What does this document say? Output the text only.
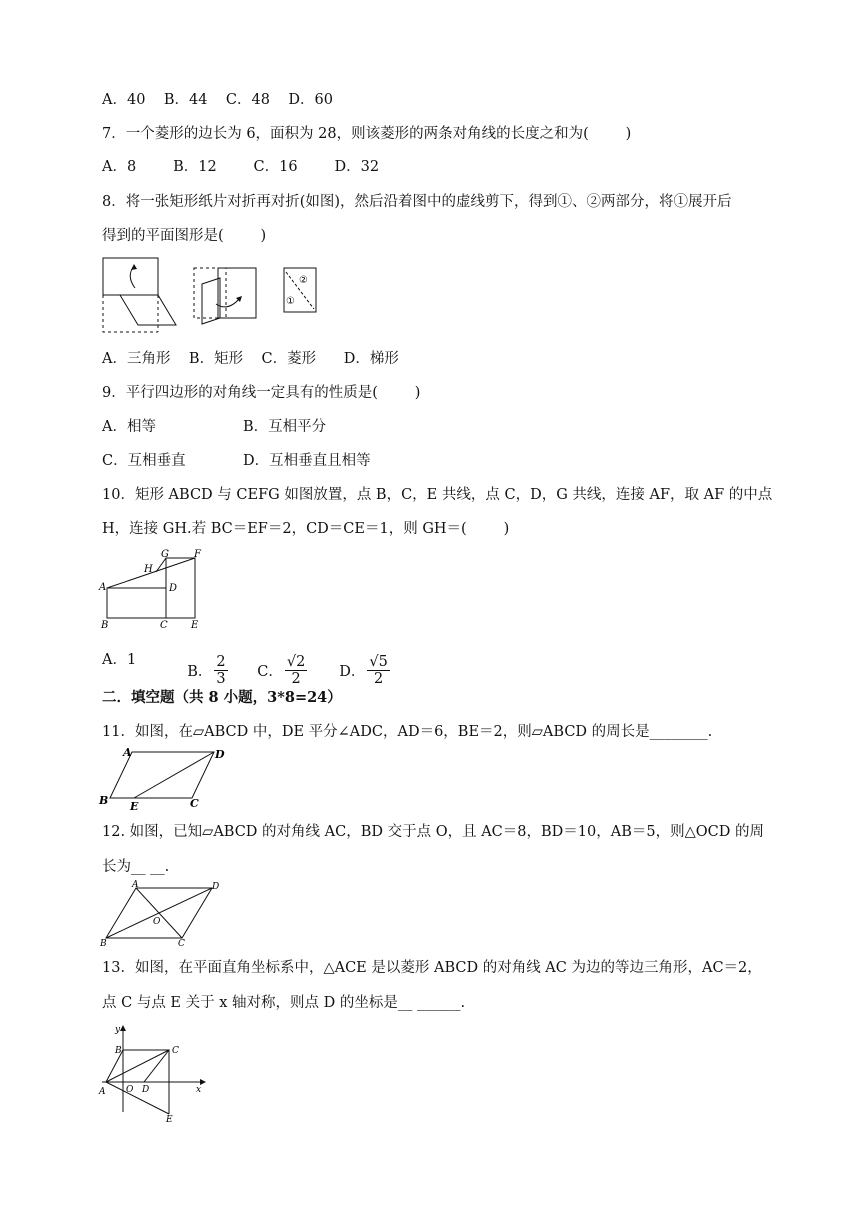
A．40    B．44    C．48    D．60
7．一个菱形的边长为 6，面积为 28，则该菱形的两条对角线的长度之和为(        )
A．8        B．12        C．16        D．32
8．将一张矩形纸片对折再对折(如图)，然后沿着图中的虚线剪下，得到①、②两部分，将①展开后
得到的平面图形是(        )
②
①
A．三角形    B．矩形    C．菱形      D．梯形
9．平行四边形的对角线一定具有的性质是(        )
A．相等	B．互相平分
C．互相垂直	D．互相垂直且相等
10．矩形 ABCD 与 CEFG 如图放置，点 B，C，E 共线，点 C，D，G 共线，连接 AF，取 AF 的中点
H，连接 GH.若 BC＝EF＝2，CD＝CE＝1，则 GH＝(        )
A
B	C
D
E
F
G
H
A．1

B． $\frac{2}{3}$	C． $\frac{√2}{2}$	D． $\frac{√5}{2}$

二．填空题（共 8 小题，3*8=24）
11．如图，在▱ABCD 中，DE 平分∠ADC，AD＝6，BE＝2，则▱ABCD 的周长是________.
A	D
B E	C
12. 如图，已知▱ABCD 的对角线 AC，BD 交于点 O，且 AC＝8，BD＝10，AB＝5，则△OCD 的周
长为__ __.
A	D
B	C
O
13．如图，在平面直角坐标系中，△ACE 是以菱形 ABCD 的对角线 AC 为边的等边三角形，AC＝2，
点 C 与点 E 关于 x 轴对称，则点 D 的坐标是__ ______.
y
x
A
B	C
D
E
O
